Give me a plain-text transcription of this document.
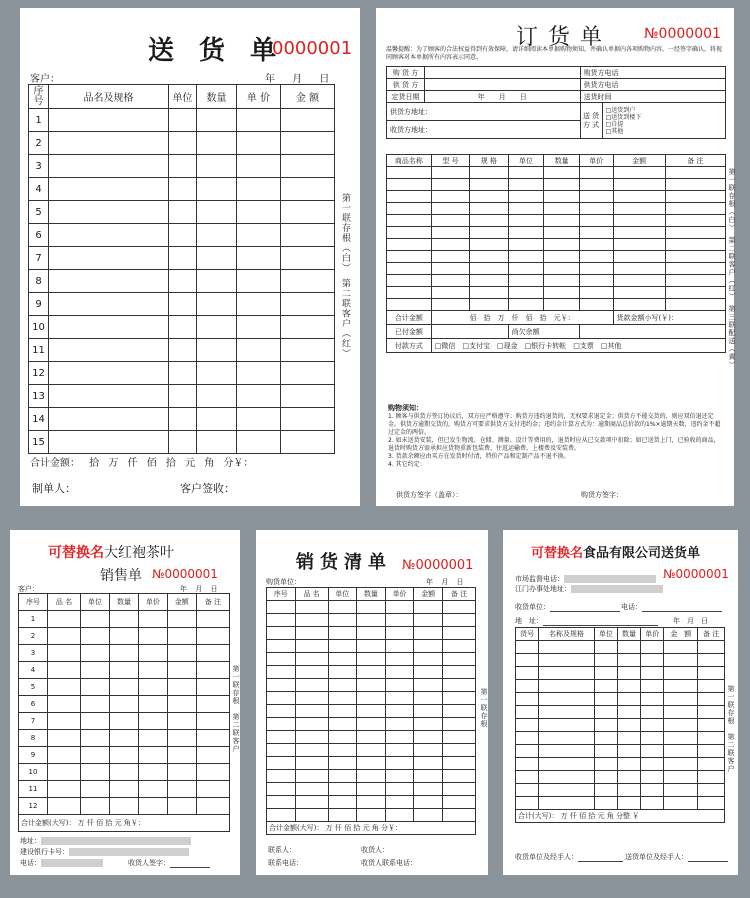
送 货 单
0000001
客户：	年 月 日
序号	品名及规格	单位	数量	单 价	金 额
1					
2					
3					
4					
5					
6					
7					
8					
9					
10					
11					
12					
13					
14					
15					
合计金额： 拾 万 仟 佰 拾 元 角 分￥：
制单人：	客户签收：
第一联存根（白）　第二联客户（红）
订货单 №0000001
温馨提醒：为了顾客的合法权益得到有效保障，请详细阅读本单据购物须知，并确认单据内各项购物内容，一经签字确认，将视同顾客对本单据所有内容表示同意。
购 货 方		购货方电话	
供 货 方		供货方电话	
定货日期	年　　月　　日	送货时间	
供货方地址：		送 货 方 式	□送货到户
□送货到楼下
□自提
□其他

收货方地址：			
商品名称	型 号	规 格	单位	数量	单价	金额	备 注

合计金额	佰　拾　万　仟　佰　拾　元￥：					货款金额小写(￥)：	
已付金额			尚欠余额				
付款方式	□微信　□支付宝　□现金　□银行卡转帐　□支票　□其他						
购物须知：
1. 顾客与供货方签订协议后，双方应严格遵守；购货方违约退货的，无权要求退定金；供货方不能交货的，则应双倍退还定金。供货方逾期交货的，购货方可要求供货方支付违约金；违约金计算方式为：逾期商品总价款的1%×逾期天数，违约金不超过定金的两倍。
2. 如未送货安装，但已发生物流、仓储、测量、设计等费用的，退货时应从已交款项中扣除；如已送货上门，已验收的商品，退货时购货方需承担应货物重新包装费、往返运输费、上楼费及安装费。
3. 货款余额应由买方在发货时付清，特价产品和定制产品不退不换。
4. 其它约定：
供货方签字（盖章）：	购货方签字：
第一联存根（白）　第二联客户（红）　第三联配送（黄）
可替换名大红袍茶叶
销售单 №0000001
客户：	年 月 日
序号	品 名	单位	数量	单价	金额	备 注
1						
2						
3						
4						
5						
6						
7						
8						
9						
10						
11						
12						
合计金额(大写)： 万 仟 佰 拾 元 角￥：						
地址：
建设银行卡号：
电话：	收货人签字：
第一联存根　第二联客户
销货清单 №0000001
购货单位：	年 月 日
序号	品 名	单位	数量	单价	金额	备 注

合计金额(大写)： 万 仟 佰 拾 元 角 分￥：						
联系人：	收货人：
联系电话：	收货人联系电话：
第一联存根
可替换名食品有限公司送货单
№0000001
市场监督电话：
江门办事处地址：
收货单位：	电话：
地　址：	年　月　日
货号	名称及规格	单位	数量	单价	金　额	备 注

合计(大写)： 万 仟 佰 拾 元 角 分整 ￥						
收货单位及经手人：	送货单位及经手人：
第一联存根　第二联客户
